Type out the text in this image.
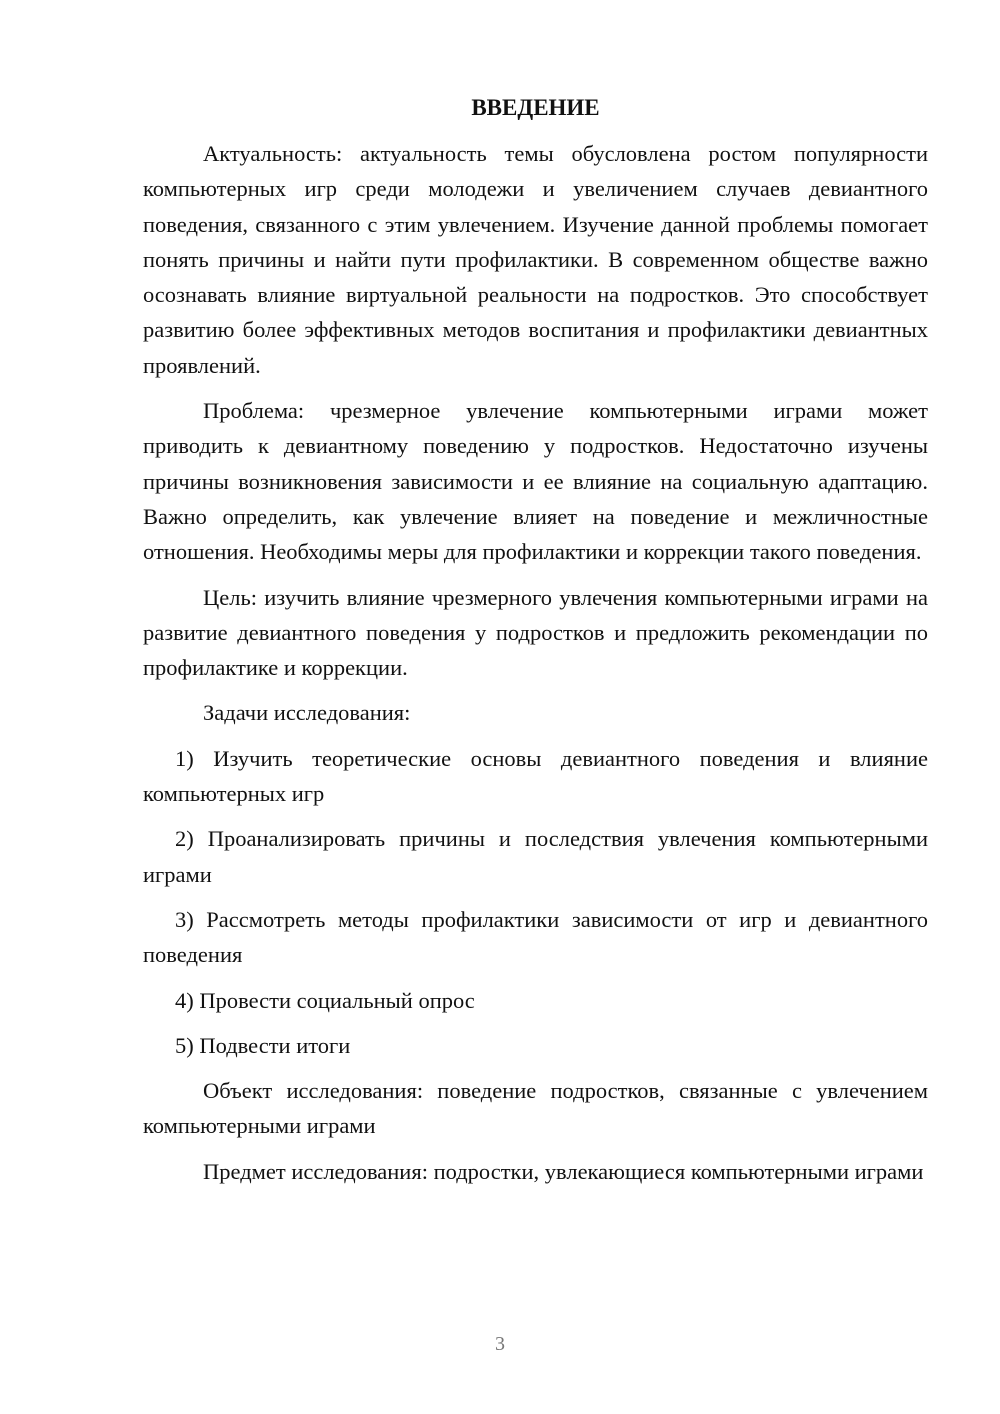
ВВЕДЕНИЕ

Актуальность: актуальность темы обусловлена ростом популярности компьютерных игр среди молодежи и увеличением случаев девиантного поведения, связанного с этим увлечением. Изучение данной проблемы помогает понять причины и найти пути профилактики. В современном обществе важно осознавать влияние виртуальной реальности на подростков. Это способствует развитию более эффективных методов воспитания и профилактики девиантных проявлений.

Проблема: чрезмерное увлечение компьютерными играми может приводить к девиантному поведению у подростков. Недостаточно изучены причины возникновения зависимости и ее влияние на социальную адаптацию. Важно определить, как увлечение влияет на поведение и межличностные отношения. Необходимы меры для профилактики и коррекции такого поведения.

Цель: изучить влияние чрезмерного увлечения компьютерными играми на развитие девиантного поведения у подростков и предложить рекомендации по профилактике и коррекции.

Задачи исследования:

1) Изучить теоретические основы девиантного поведения и влияние компьютерных игр

2) Проанализировать причины и последствия увлечения компьютерными играми

3) Рассмотреть методы профилактики зависимости от игр и девиантного поведения

4) Провести социальный опрос

5) Подвести итоги

Объект исследования: поведение подростков, связанные с увлечением компьютерными играми

Предмет исследования: подростки, увлекающиеся компьютерными играми

3
